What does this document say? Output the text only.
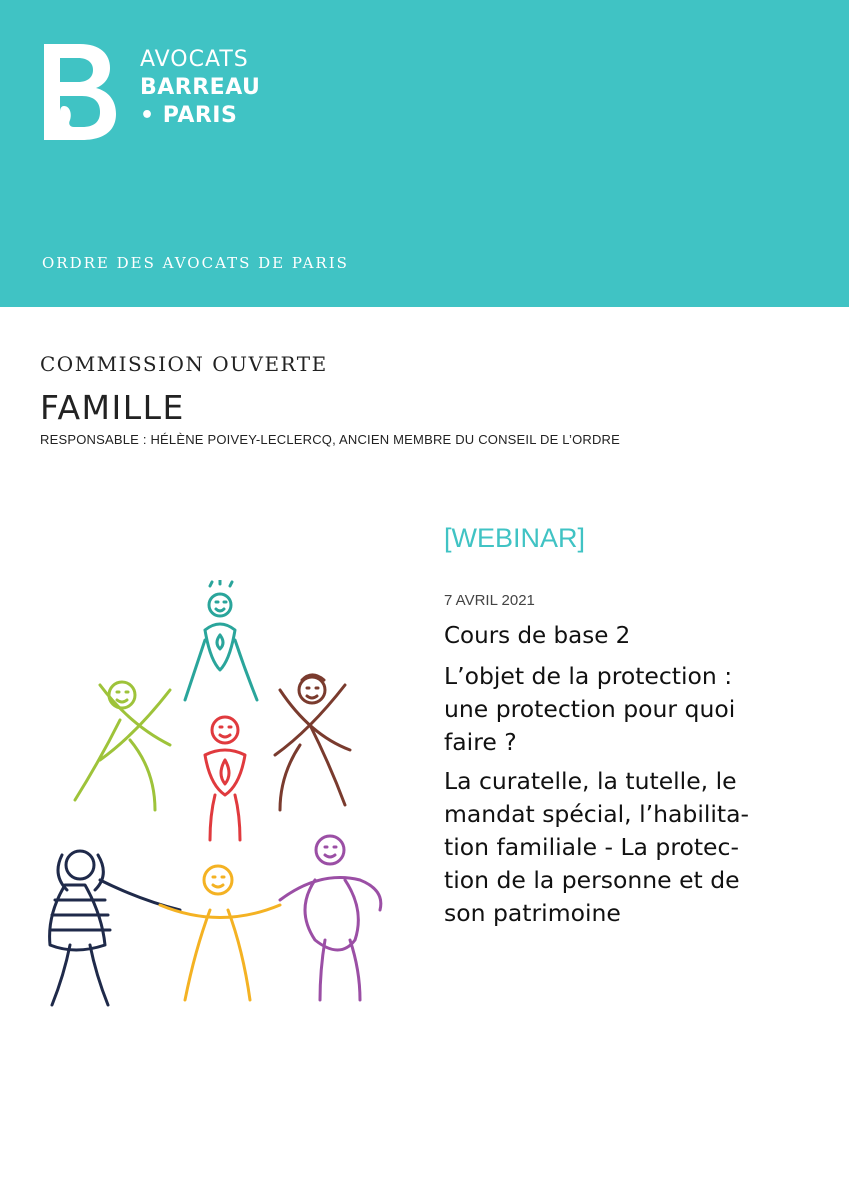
AVOCATS
BARREAU
• PARIS
ORDRE DES AVOCATS DE PARIS
COMMISSION OUVERTE
FAMILLE
RESPONSABLE : HÉLÈNE POIVEY-LECLERCQ, ANCIEN MEMBRE DU CONSEIL DE L’ORDRE
[WEBINAR]
7 AVRIL 2021
Cours de base 2

L’objet de la protection :
une protection pour quoi
faire ?

La curatelle, la tutelle, le
mandat spécial, l’habilita-
tion familiale - La protec-
tion de la personne et de
son patrimoine
